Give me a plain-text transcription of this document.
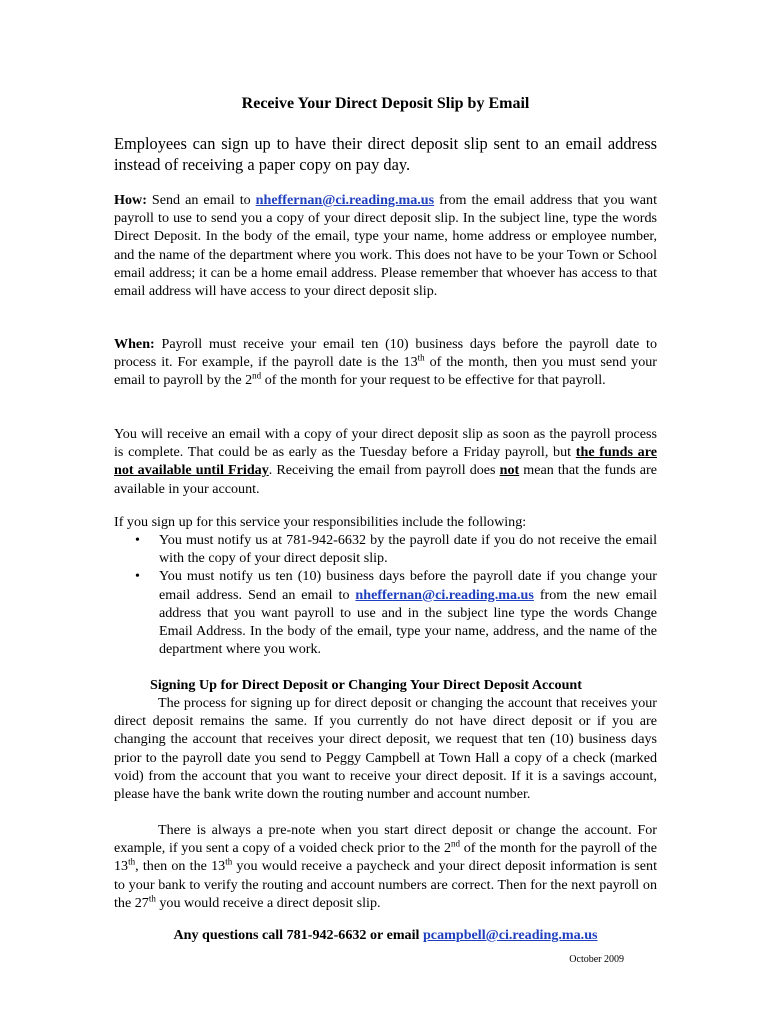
Receive Your Direct Deposit Slip by Email

Employees can sign up to have their direct deposit slip sent to an email address instead of receiving a paper copy on pay day.

How: Send an email to nheffernan@ci.reading.ma.us from the email address that you want payroll to use to send you a copy of your direct deposit slip. In the subject line, type the words Direct Deposit. In the body of the email, type your name, home address or employee number, and the name of the department where you work. This does not have to be your Town or School email address; it can be a home email address. Please remember that whoever has access to that email address will have access to your direct deposit slip.

When: Payroll must receive your email ten (10) business days before the payroll date to process it. For example, if the payroll date is the 13th of the month, then you must send your email to payroll by the 2nd of the month for your request to be effective for that payroll.

You will receive an email with a copy of your direct deposit slip as soon as the payroll process is complete. That could be as early as the Tuesday before a Friday payroll, but the funds are not available until Friday. Receiving the email from payroll does not mean that the funds are available in your account.

If you sign up for this service your responsibilities include the following:

• You must notify us at 781-942-6632 by the payroll date if you do not receive the email with the copy of your direct deposit slip.
• You must notify us ten (10) business days before the payroll date if you change your email address. Send an email to nheffernan@ci.reading.ma.us from the new email address that you want payroll to use and in the subject line type the words Change Email Address. In the body of the email, type your name, address, and the name of the department where you work.

Signing Up for Direct Deposit or Changing Your Direct Deposit Account

The process for signing up for direct deposit or changing the account that receives your direct deposit remains the same. If you currently do not have direct deposit or if you are changing the account that receives your direct deposit, we request that ten (10) business days prior to the payroll date you send to Peggy Campbell at Town Hall a copy of a check (marked void) from the account that you want to receive your direct deposit. If it is a savings account, please have the bank write down the routing number and account number.

There is always a pre-note when you start direct deposit or change the account. For example, if you sent a copy of a voided check prior to the 2nd of the month for the payroll of the 13th, then on the 13th you would receive a paycheck and your direct deposit information is sent to your bank to verify the routing and account numbers are correct. Then for the next payroll on the 27th you would receive a direct deposit slip.

Any questions call 781-942-6632 or email pcampbell@ci.reading.ma.us

October 2009
